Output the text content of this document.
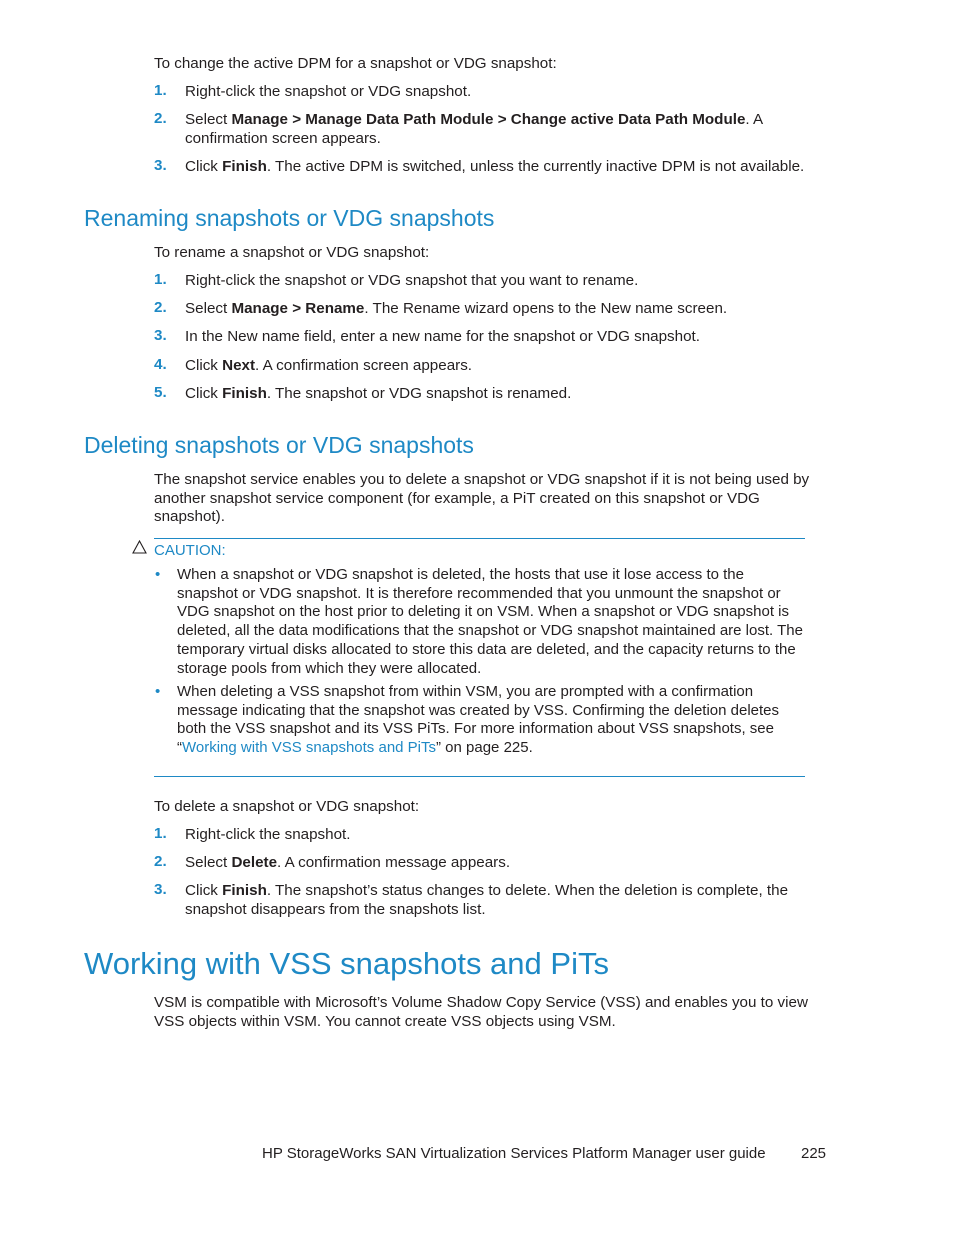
To change the active DPM for a snapshot or VDG snapshot:

1. Right-click the snapshot or VDG snapshot.

2. Select Manage > Manage Data Path Module > Change active Data Path Module. A confirmation screen appears.

3. Click Finish. The active DPM is switched, unless the currently inactive DPM is not available.

Renaming snapshots or VDG snapshots

To rename a snapshot or VDG snapshot:

1. Right-click the snapshot or VDG snapshot that you want to rename.

2. Select Manage > Rename. The Rename wizard opens to the New name screen.

3. In the New name field, enter a new name for the snapshot or VDG snapshot.

4. Click Next. A confirmation screen appears.

5. Click Finish. The snapshot or VDG snapshot is renamed.

Deleting snapshots or VDG snapshots

The snapshot service enables you to delete a snapshot or VDG snapshot if it is not being used by another snapshot service component (for example, a PiT created on this snapshot or VDG snapshot).

CAUTION:
• When a snapshot or VDG snapshot is deleted, the hosts that use it lose access to the snapshot or VDG snapshot. It is therefore recommended that you unmount the snapshot or VDG snapshot on the host prior to deleting it on VSM. When a snapshot or VDG snapshot is deleted, all the data modifications that the snapshot or VDG snapshot maintained are lost. The temporary virtual disks allocated to store this data are deleted, and the capacity returns to the storage pools from which they were allocated.

• When deleting a VSS snapshot from within VSM, you are prompted with a confirmation message indicating that the snapshot was created by VSS. Confirming the deletion deletes both the VSS snapshot and its VSS PiTs. For more information about VSS snapshots, see “Working with VSS snapshots and PiTs” on page 225.

To delete a snapshot or VDG snapshot:

1. Right-click the snapshot.

2. Select Delete. A confirmation message appears.

3. Click Finish. The snapshot’s status changes to delete. When the deletion is complete, the snapshot disappears from the snapshots list.

Working with VSS snapshots and PiTs

VSM is compatible with Microsoft’s Volume Shadow Copy Service (VSS) and enables you to view VSS objects within VSM. You cannot create VSS objects using VSM.

HP StorageWorks SAN Virtualization Services Platform Manager user guide 225
